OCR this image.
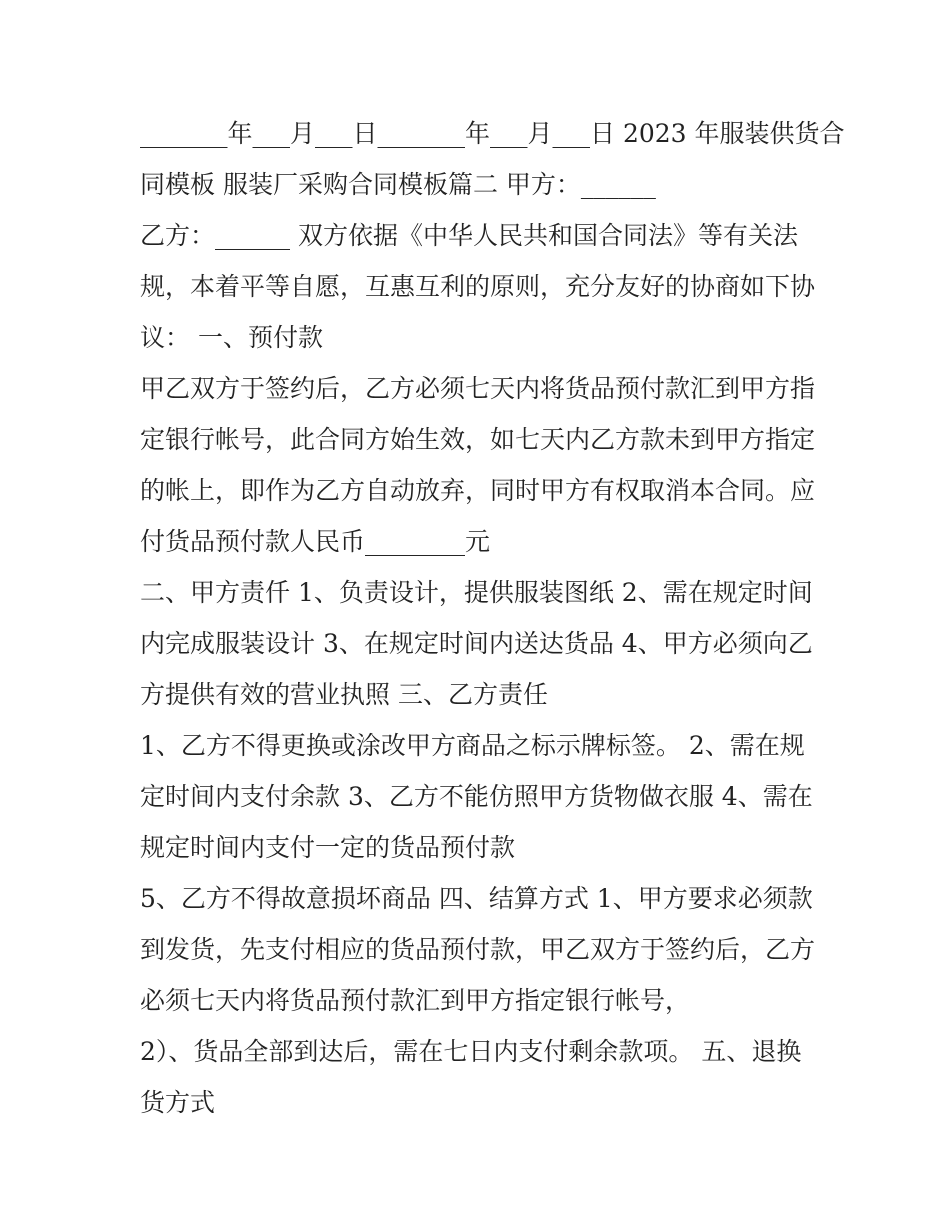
_______年___月___日_______年___月___日 2023 年服装供货合
同模板 服装厂采购合同模板篇二 甲方：______
乙方：______ 双方依据《中华人民共和国合同法》等有关法
规，本着平等自愿，互惠互利的原则，充分友好的协商如下协
议： 一、预付款
甲乙双方于签约后，乙方必须七天内将货品预付款汇到甲方指
定银行帐号，此合同方始生效，如七天内乙方款未到甲方指定
的帐上，即作为乙方自动放弃，同时甲方有权取消本合同。应
付货品预付款人民币________元
二、甲方责仟 1、负责设计，提供服装图纸 2、需在规定时间
内完成服装设计 3、在规定时间内送达货品 4、甲方必须向乙
方提供有效的营业执照 三、乙方责任
1、乙方不得更换或涂改甲方商品之标示牌标签。 2、需在规
定时间内支付余款 3、乙方不能仿照甲方货物做衣服 4、需在
规定时间内支付一定的货品预付款
5、乙方不得故意损坏商品 四、结算方式 1、甲方要求必须款
到发货，先支付相应的货品预付款，甲乙双方于签约后，乙方
必须七天内将货品预付款汇到甲方指定银行帐号，
2）、货品全部到达后，需在七日内支付剩余款项。 五、退换
货方式
